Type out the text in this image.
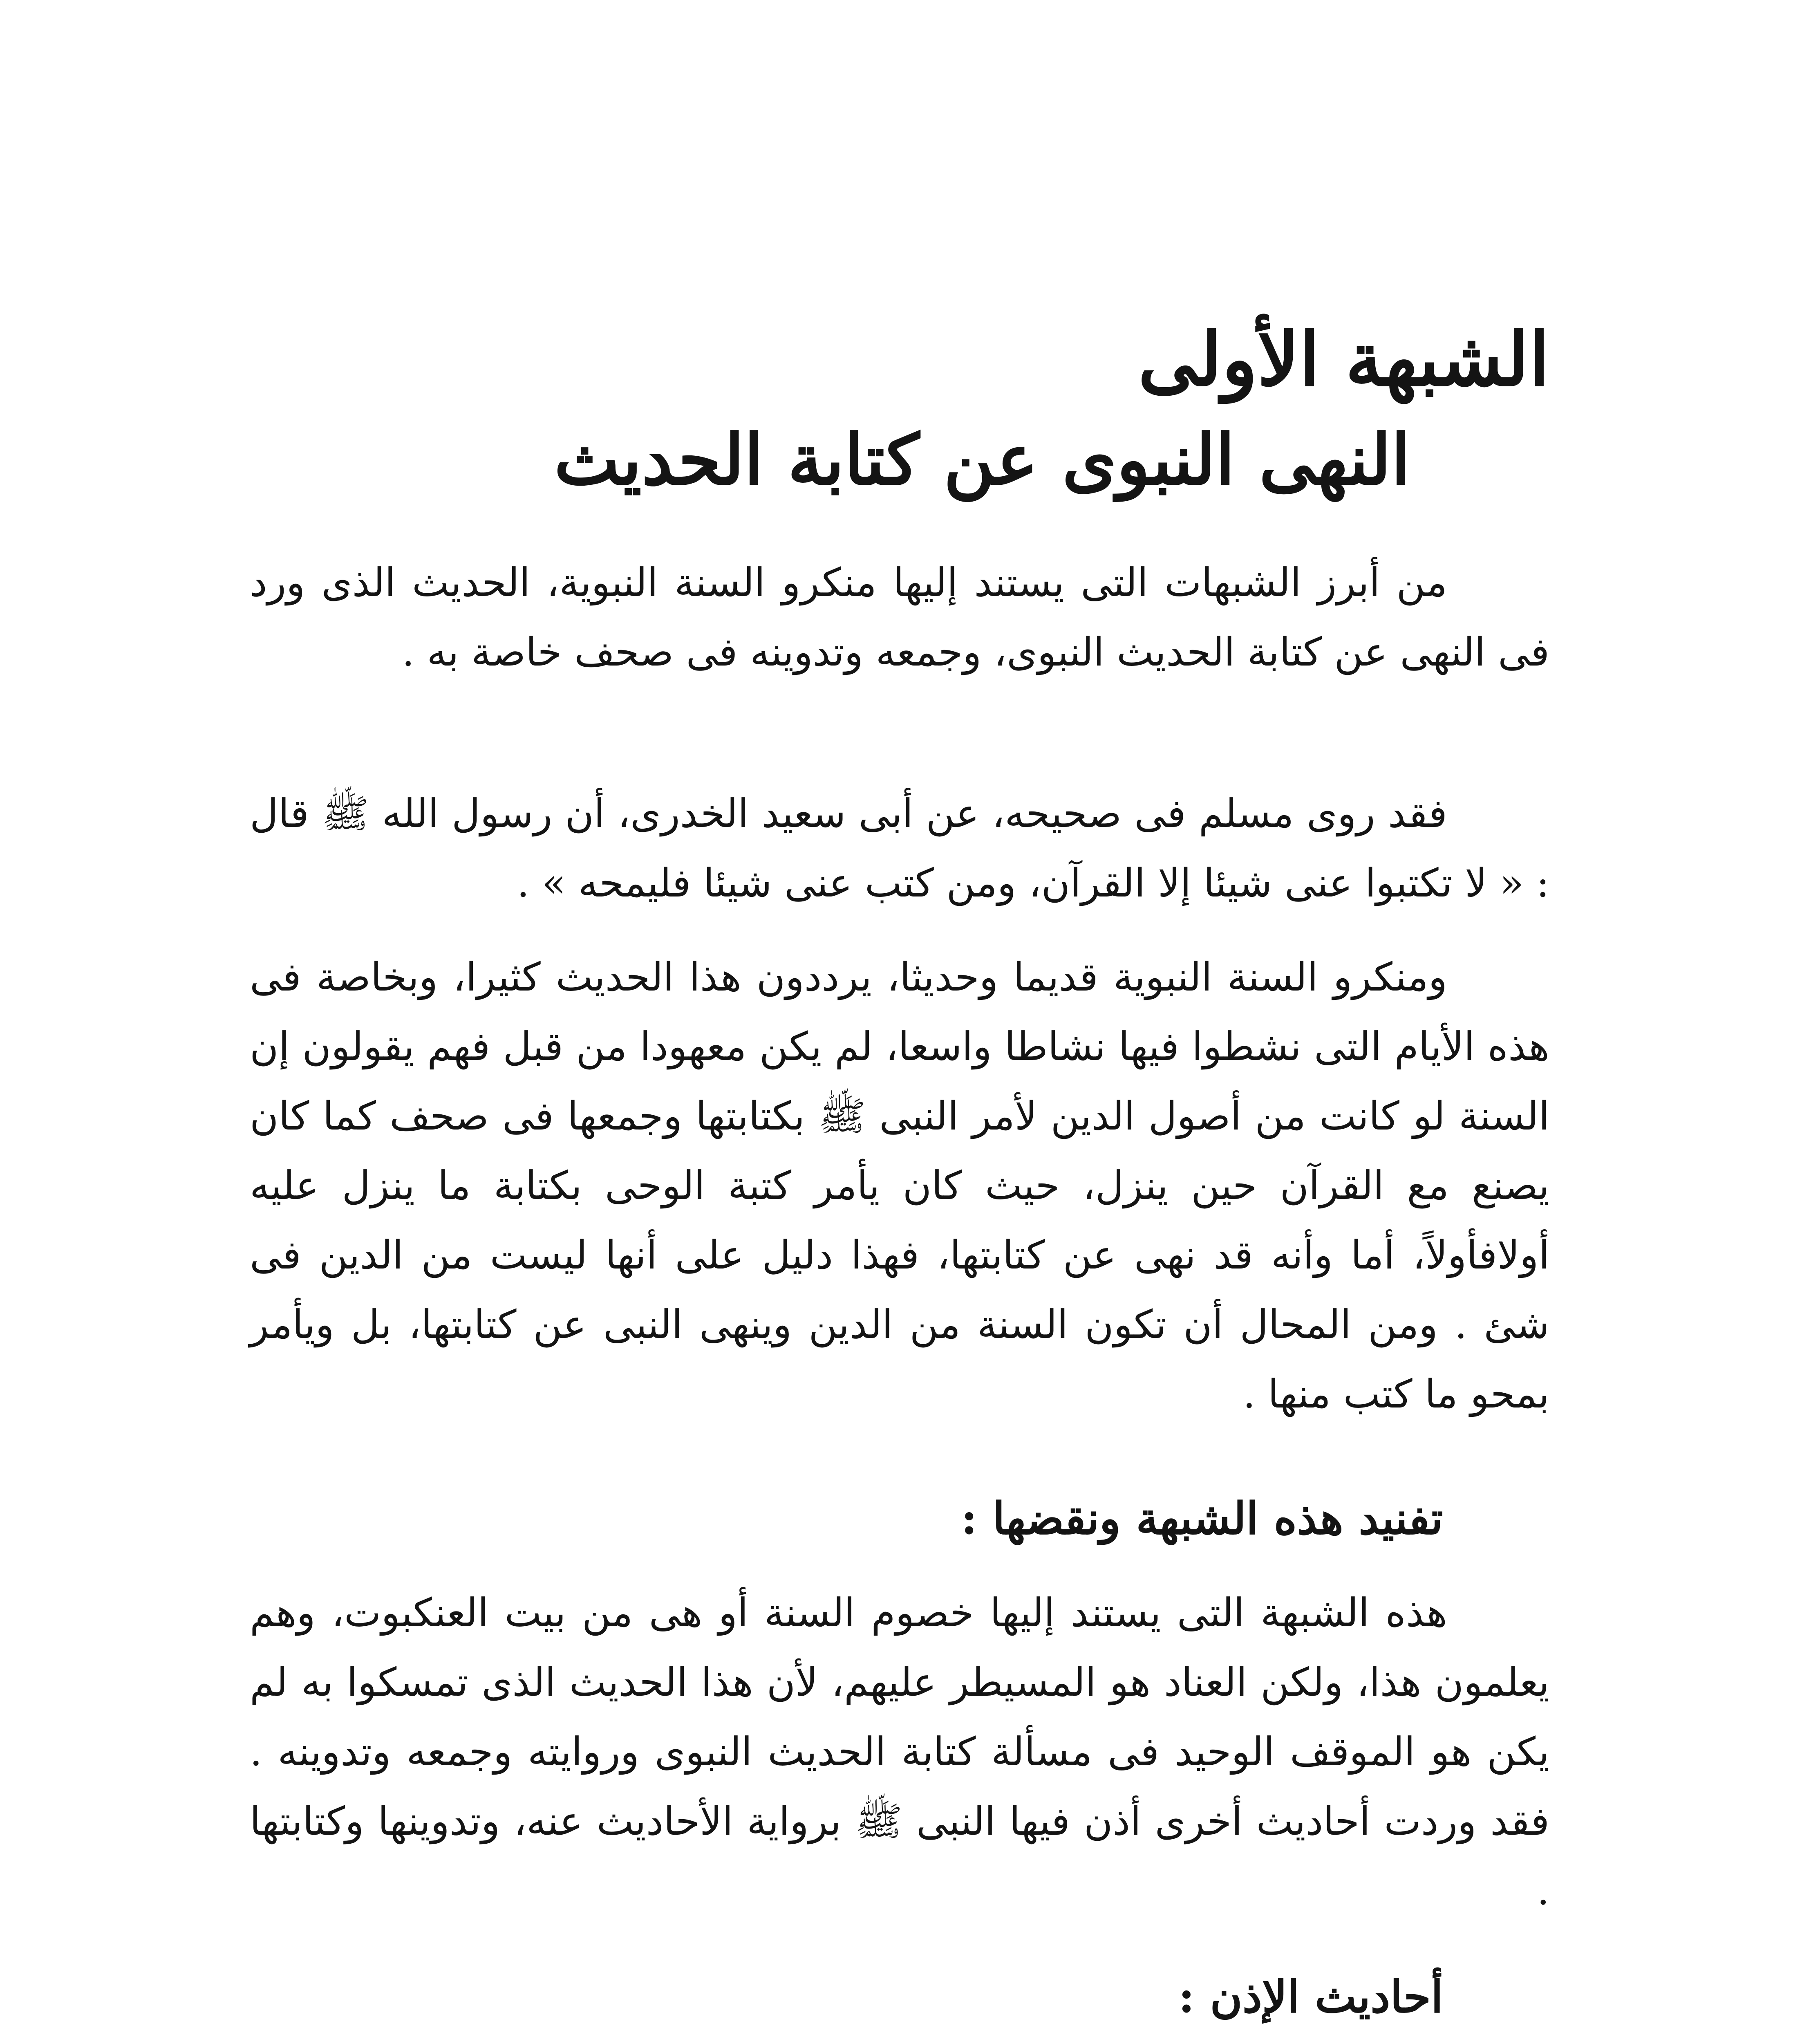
الشبهة الأولى
النهى النبوى عن كتابة الحديث

من أبرز الشبهات التى يستند إليها منكرو السنة النبوية، الحديث الذى ورد فى النهى عن كتابة الحديث النبوى، وجمعه وتدوينه فى صحف خاصة به .

فقد روى مسلم فى صحيحه، عن أبى سعيد الخدرى، أن رسول الله ﷺ قال : « لا تكتبوا عنى شيئا إلا القرآن، ومن كتب عنى شيئا فليمحه » .

ومنكرو السنة النبوية قديما وحديثا، يرددون هذا الحديث كثيرا، وبخاصة فى هذه الأيام التى نشطوا فيها نشاطا واسعا، لم يكن معهودا من قبل فهم يقولون إن السنة لو كانت من أصول الدين لأمر النبى ﷺ بكتابتها وجمعها فى صحف كما كان يصنع مع القرآن حين ينزل، حيث كان يأمر كتبة الوحى بكتابة ما ينزل عليه أولافأولاً، أما وأنه قد نهى عن كتابتها، فهذا دليل على أنها ليست من الدين فى شئ . ومن المحال أن تكون السنة من الدين وينهى النبى عن كتابتها، بل ويأمر بمحو ما كتب منها .

تفنيد هذه الشبهة ونقضها :

هذه الشبهة التى يستند إليها خصوم السنة أو هى من بيت العنكبوت، وهم يعلمون هذا، ولكن العناد هو المسيطر عليهم، لأن هذا الحديث الذى تمسكوا به لم يكن هو الموقف الوحيد فى مسألة كتابة الحديث النبوى وروايته وجمعه وتدوينه . فقد وردت أحاديث أخرى أذن فيها النبى ﷺ برواية الأحاديث عنه، وتدوينها وكتابتها .

أحاديث الإذن :
